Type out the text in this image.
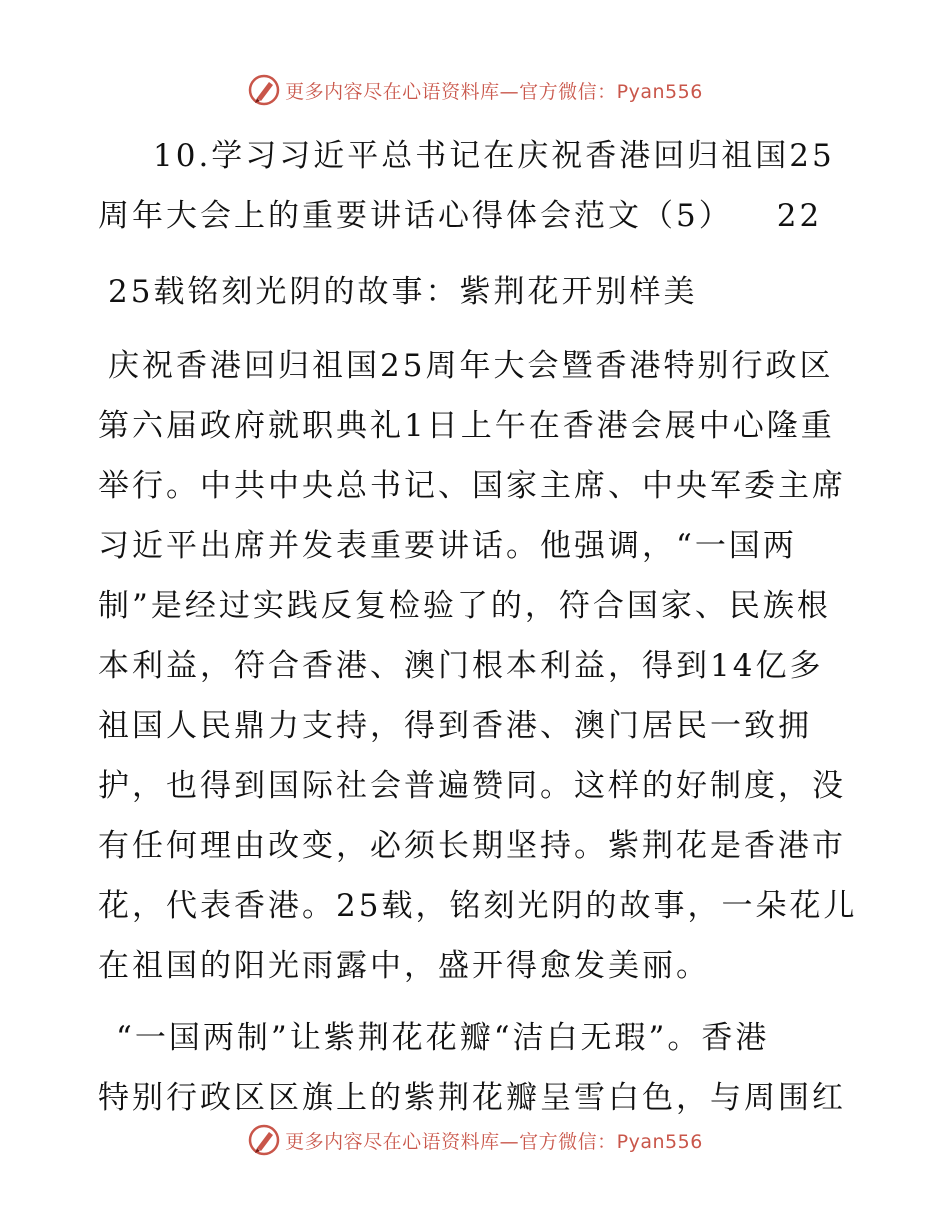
更多内容尽在心语资料库—官方微信：Pyan556
10.学习习近平总书记在庆祝香港回归祖国25
周年大会上的重要讲话心得体会范文（5） 22
25载铭刻光阴的故事：紫荆花开别样美
庆祝香港回归祖国25周年大会暨香港特别行政区
第六届政府就职典礼1日上午在香港会展中心隆重
举行。中共中央总书记、国家主席、中央军委主席
习近平出席并发表重要讲话。他强调，“一国两
制”是经过实践反复检验了的，符合国家、民族根
本利益，符合香港、澳门根本利益，得到14亿多
祖国人民鼎力支持，得到香港、澳门居民一致拥
护，也得到国际社会普遍赞同。这样的好制度，没
有任何理由改变，必须长期坚持。紫荆花是香港市
花，代表香港。25载，铭刻光阴的故事，一朵花儿
在祖国的阳光雨露中，盛开得愈发美丽。
“一国两制”让紫荆花花瓣“洁白无瑕”。香港
特别行政区区旗上的紫荆花瓣呈雪白色，与周围红
更多内容尽在心语资料库—官方微信：Pyan556
